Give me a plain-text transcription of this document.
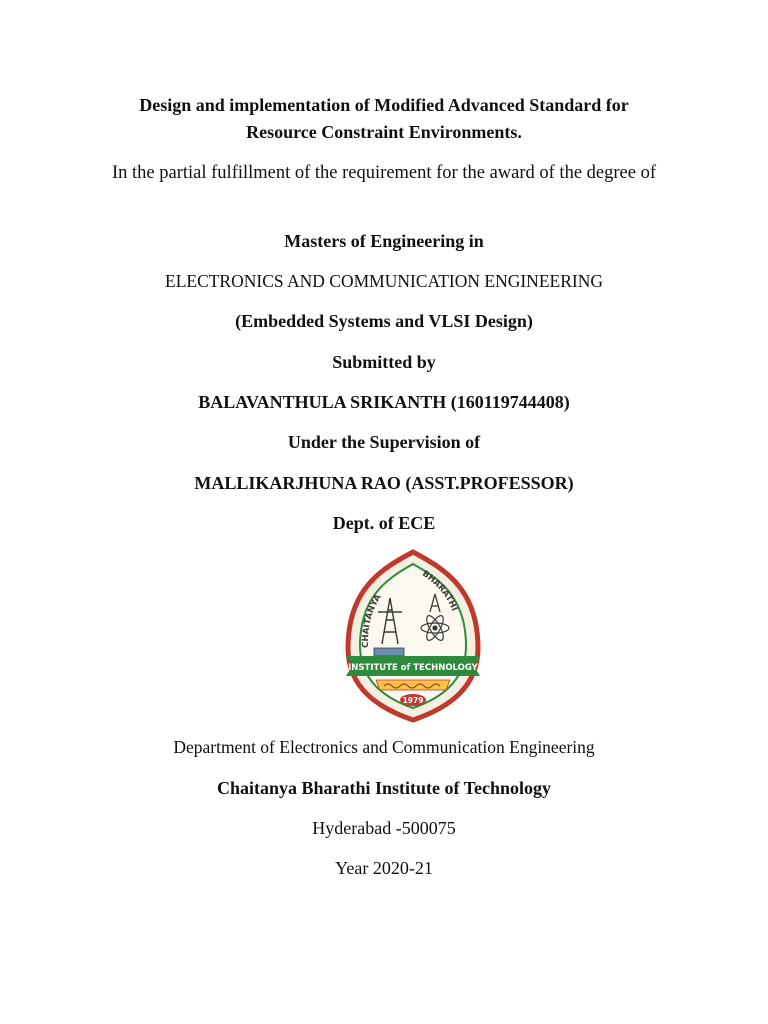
Design and implementation of Modified Advanced Standard for
Resource Constraint Environments.
In the partial fulfillment of the requirement for the award of the degree of
Masters of Engineering in
ELECTRONICS AND COMMUNICATION ENGINEERING
(Embedded Systems and VLSI Design)
Submitted by
BALAVANTHULA SRIKANTH (160119744408)
Under the Supervision of
MALLIKARJHUNA RAO (ASST.PROFESSOR)
Dept. of ECE
CHAITANYA
BHARATHI
INSTITUTE of TECHNOLOGY
1979
Department of Electronics and Communication Engineering
Chaitanya Bharathi Institute of Technology
Hyderabad -500075
Year 2020-21
